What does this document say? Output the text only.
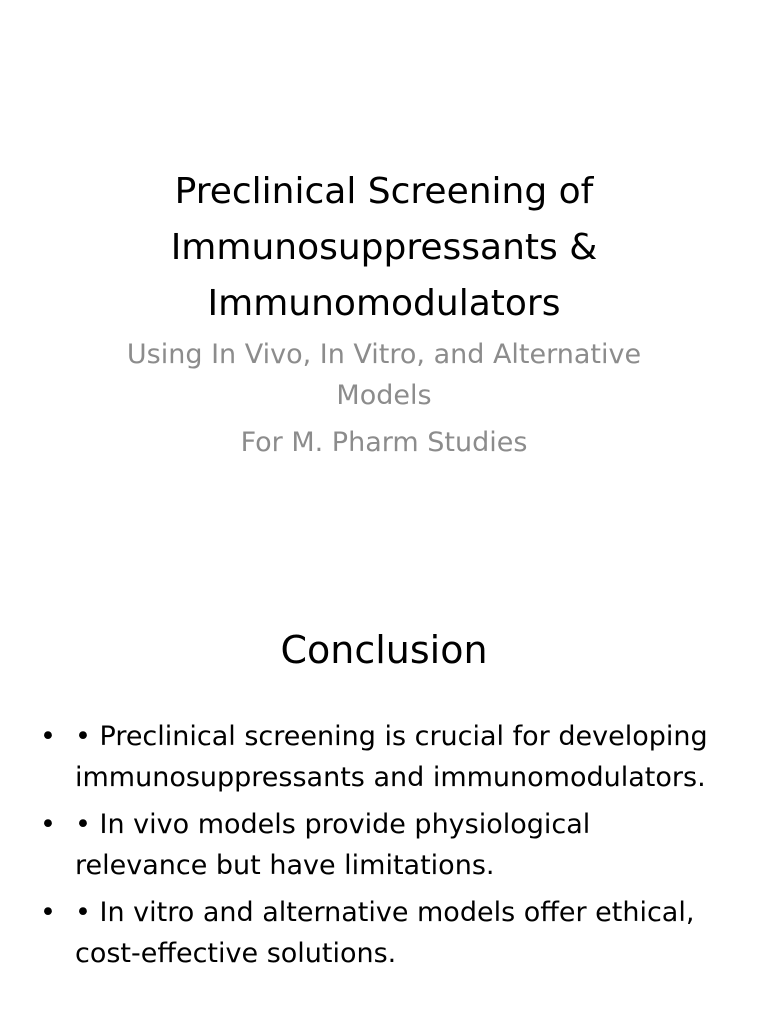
Preclinical Screening of
Immunosuppressants &
Immunomodulators

Using In Vivo, In Vitro, and Alternative Models

For M. Pharm Studies

Conclusion
• • Preclinical screening is crucial for developing immunosuppressants and immunomodulators.
• • In vivo models provide physiological relevance but have limitations.
• • In vitro and alternative models offer ethical, cost-effective solutions.
